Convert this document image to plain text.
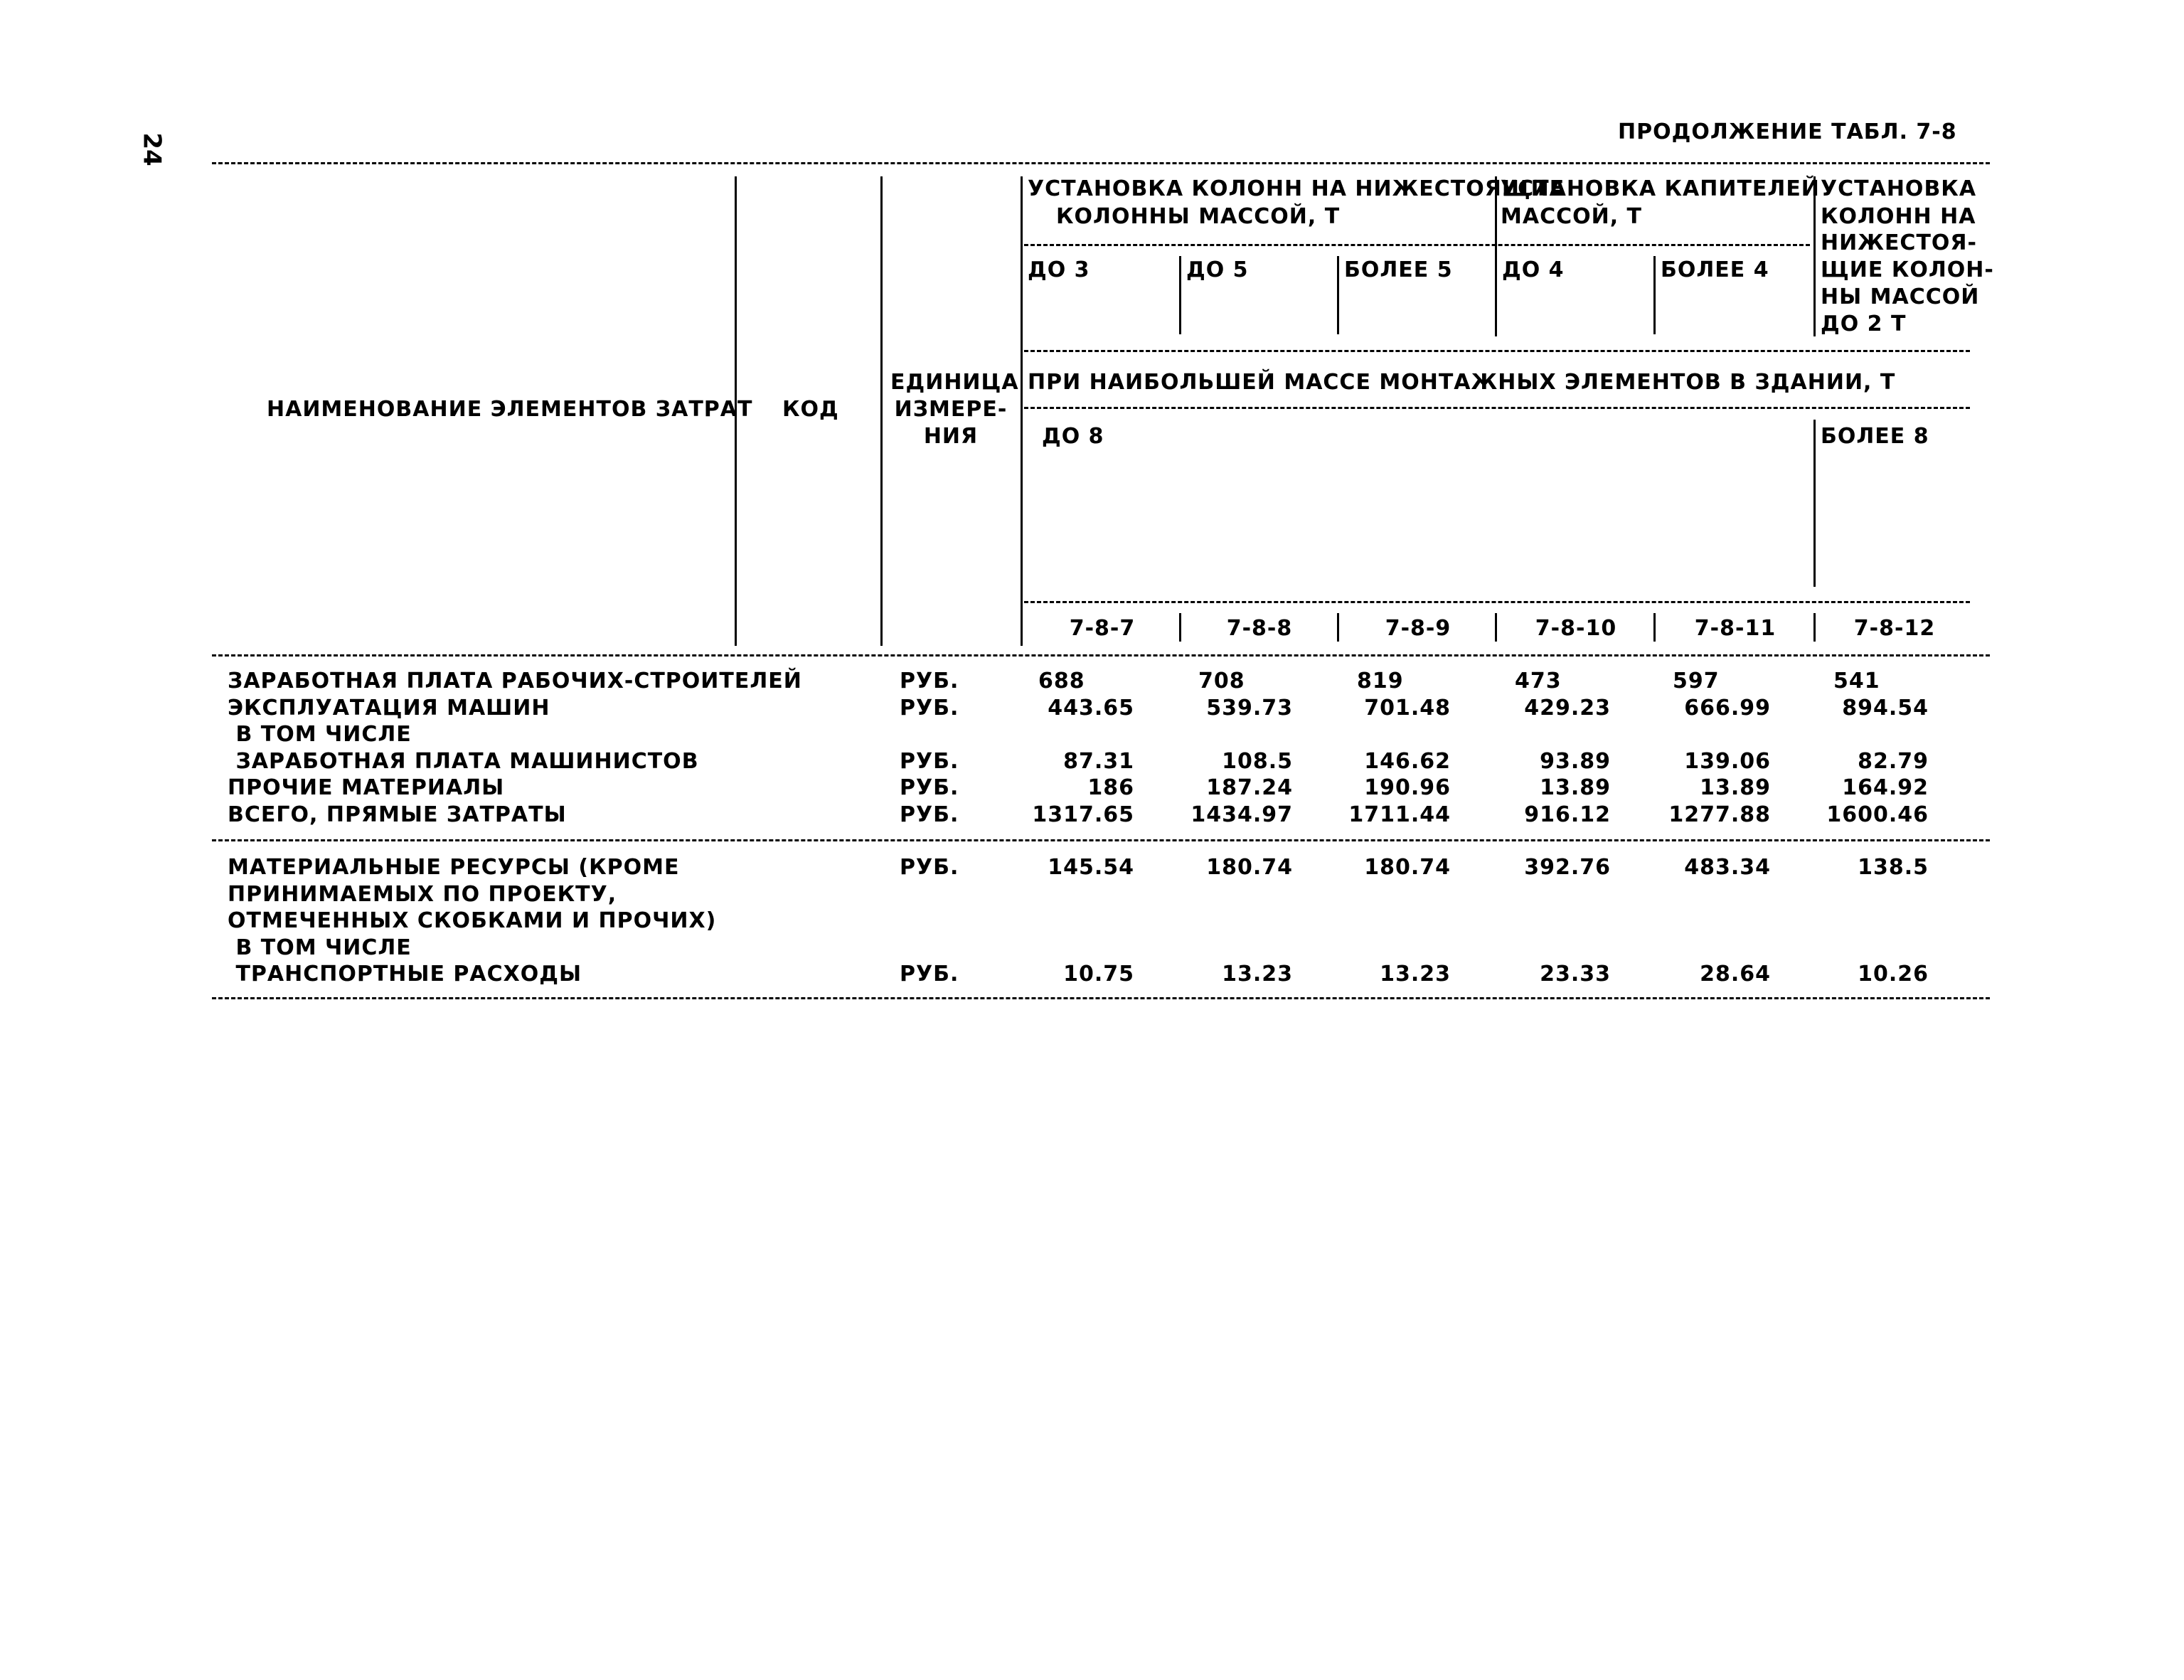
24
ПРОДОЛЖЕНИЕ ТАБЛ. 7-8
УСТАНОВКА КОЛОНН НА НИЖЕСТОЯЩИЕ
КОЛОННЫ МАССОЙ, Т
УСТАНОВКА КАПИТЕЛЕЙ
МАССОЙ, Т
УСТАНОВКА
КОЛОНН НА
НИЖЕСТОЯ-
ЩИЕ КОЛОН-
НЫ МАССОЙ
ДО 2 Т
ДО 3	ДО 5	БОЛЕЕ 5 ДО 4	БОЛЕЕ 4
НАИМЕНОВАНИЕ ЭЛЕМЕНТОВ ЗАТРАТ КОД
ЕДИНИЦА
ИЗМЕРЕ-
НИЯ
ПРИ НАИБОЛЬШЕЙ МАССЕ МОНТАЖНЫХ ЭЛЕМЕНТОВ В ЗДАНИИ, Т
ДО 8	БОЛЕЕ 8
7-8-7	7-8-8	7-8-9	7-8-10	7-8-11	7-8-12
ЗАРАБОТНАЯ ПЛАТА РАБОЧИХ-СТРОИТЕЛЕЙ	РУБ.	688	708	819	473	597	541
ЭКСПЛУАТАЦИЯ МАШИН	РУБ.	443.65	539.73	701.48	429.23	666.99	894.54
В ТОМ ЧИСЛЕ
ЗАРАБОТНАЯ ПЛАТА МАШИНИСТОВ	РУБ.	87.31	108.5	146.62	93.89	139.06	82.79
ПРОЧИЕ МАТЕРИАЛЫ	РУБ.	186	187.24	190.96	13.89	13.89	164.92
ВСЕГО, ПРЯМЫЕ ЗАТРАТЫ	РУБ.	1317.65	1434.97	1711.44	916.12	1277.88	1600.46
МАТЕРИАЛЬНЫЕ РЕСУРСЫ (КРОМЕ	РУБ.	145.54	180.74	180.74	392.76	483.34	138.5
ПРИНИМАЕМЫХ ПО ПРОЕКТУ,
ОТМЕЧЕННЫХ СКОБКАМИ И ПРОЧИХ)
В ТОМ ЧИСЛЕ
ТРАНСПОРТНЫЕ РАСХОДЫ	РУБ.	10.75	13.23	13.23	23.33	28.64	10.26
